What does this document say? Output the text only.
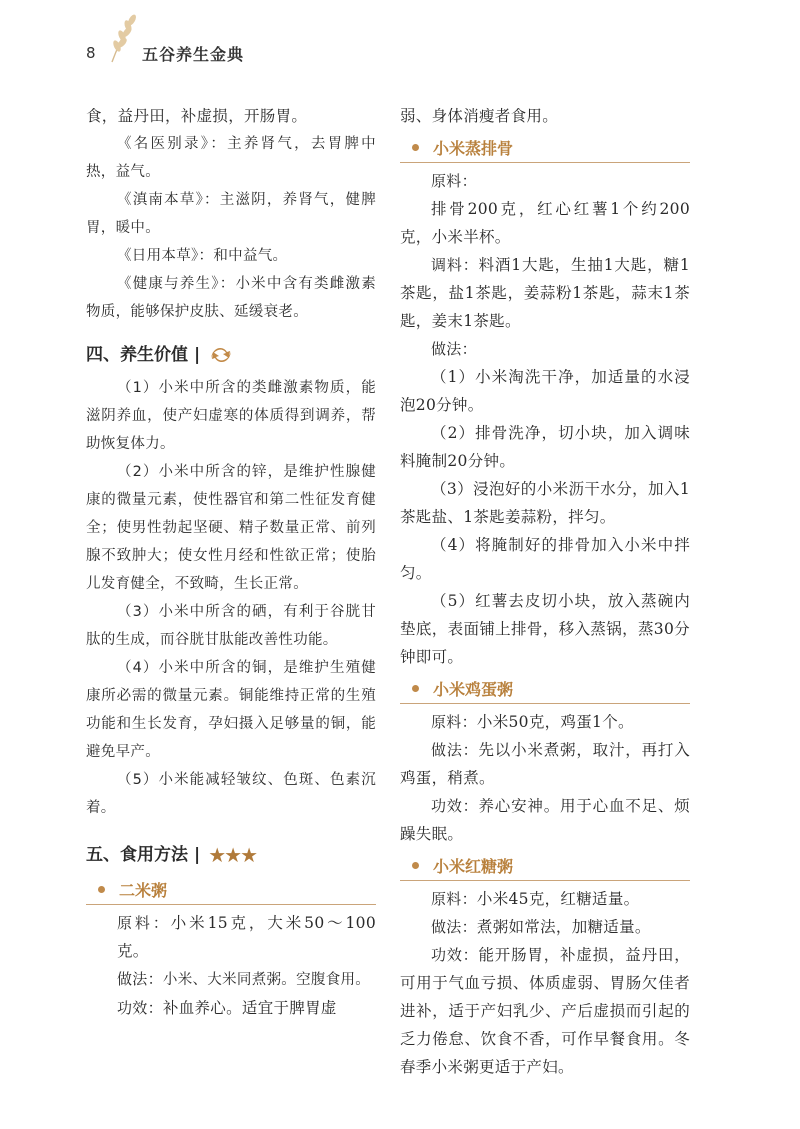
8	五谷养生金典

食，益丹田，补虚损，开肠胃。

《名医别录》：主养肾气，去胃脾中热，益气。

《滇南本草》：主滋阴，养肾气，健脾胃，暖中。

《日用本草》：和中益气。

《健康与养生》：小米中含有类雌激素物质，能够保护皮肤、延缓衰老。

四、养生价值 |

（1）小米中所含的类雌激素物质，能滋阴养血，使产妇虚寒的体质得到调养，帮助恢复体力。

（2）小米中所含的锌，是维护性腺健康的微量元素，使性器官和第二性征发育健全；使男性勃起坚硬、精子数量正常、前列腺不致肿大；使女性月经和性欲正常；使胎儿发育健全，不致畸，生长正常。

（3）小米中所含的硒，有利于谷胱甘肽的生成，而谷胱甘肽能改善性功能。

（4）小米中所含的铜，是维护生殖健康所必需的微量元素。铜能维持正常的生殖功能和生长发育，孕妇摄入足够量的铜，能避免早产。

（5）小米能减轻皱纹、色斑、色素沉着。

五、食用方法 | ★★★
二米粥

原料：小米15克，大米50～100克。

做法：小米、大米同煮粥。空腹食用。

功效：补血养心。适宜于脾胃虚

弱、身体消瘦者食用。

小米蒸排骨

原料：

排骨200克，红心红薯1个约200克，小米半杯。

调料：料酒1大匙，生抽1大匙，糖1茶匙，盐1茶匙，姜蒜粉1茶匙，蒜末1茶匙，姜末1茶匙。

做法：

（1）小米淘洗干净，加适量的水浸泡20分钟。

（2）排骨洗净，切小块，加入调味料腌制20分钟。

（3）浸泡好的小米沥干水分，加入1茶匙盐、1茶匙姜蒜粉，拌匀。

（4）将腌制好的排骨加入小米中拌匀。

（5）红薯去皮切小块，放入蒸碗内垫底，表面铺上排骨，移入蒸锅，蒸30分钟即可。

小米鸡蛋粥

原料：小米50克，鸡蛋1个。

做法：先以小米煮粥，取汁，再打入鸡蛋，稍煮。

功效：养心安神。用于心血不足、烦躁失眠。

小米红糖粥

原料：小米45克，红糖适量。

做法：煮粥如常法，加糖适量。

功效：能开肠胃，补虚损，益丹田，可用于气血亏损、体质虚弱、胃肠欠佳者进补，适于产妇乳少、产后虚损而引起的乏力倦怠、饮食不香，可作早餐食用。冬春季小米粥更适于产妇。
